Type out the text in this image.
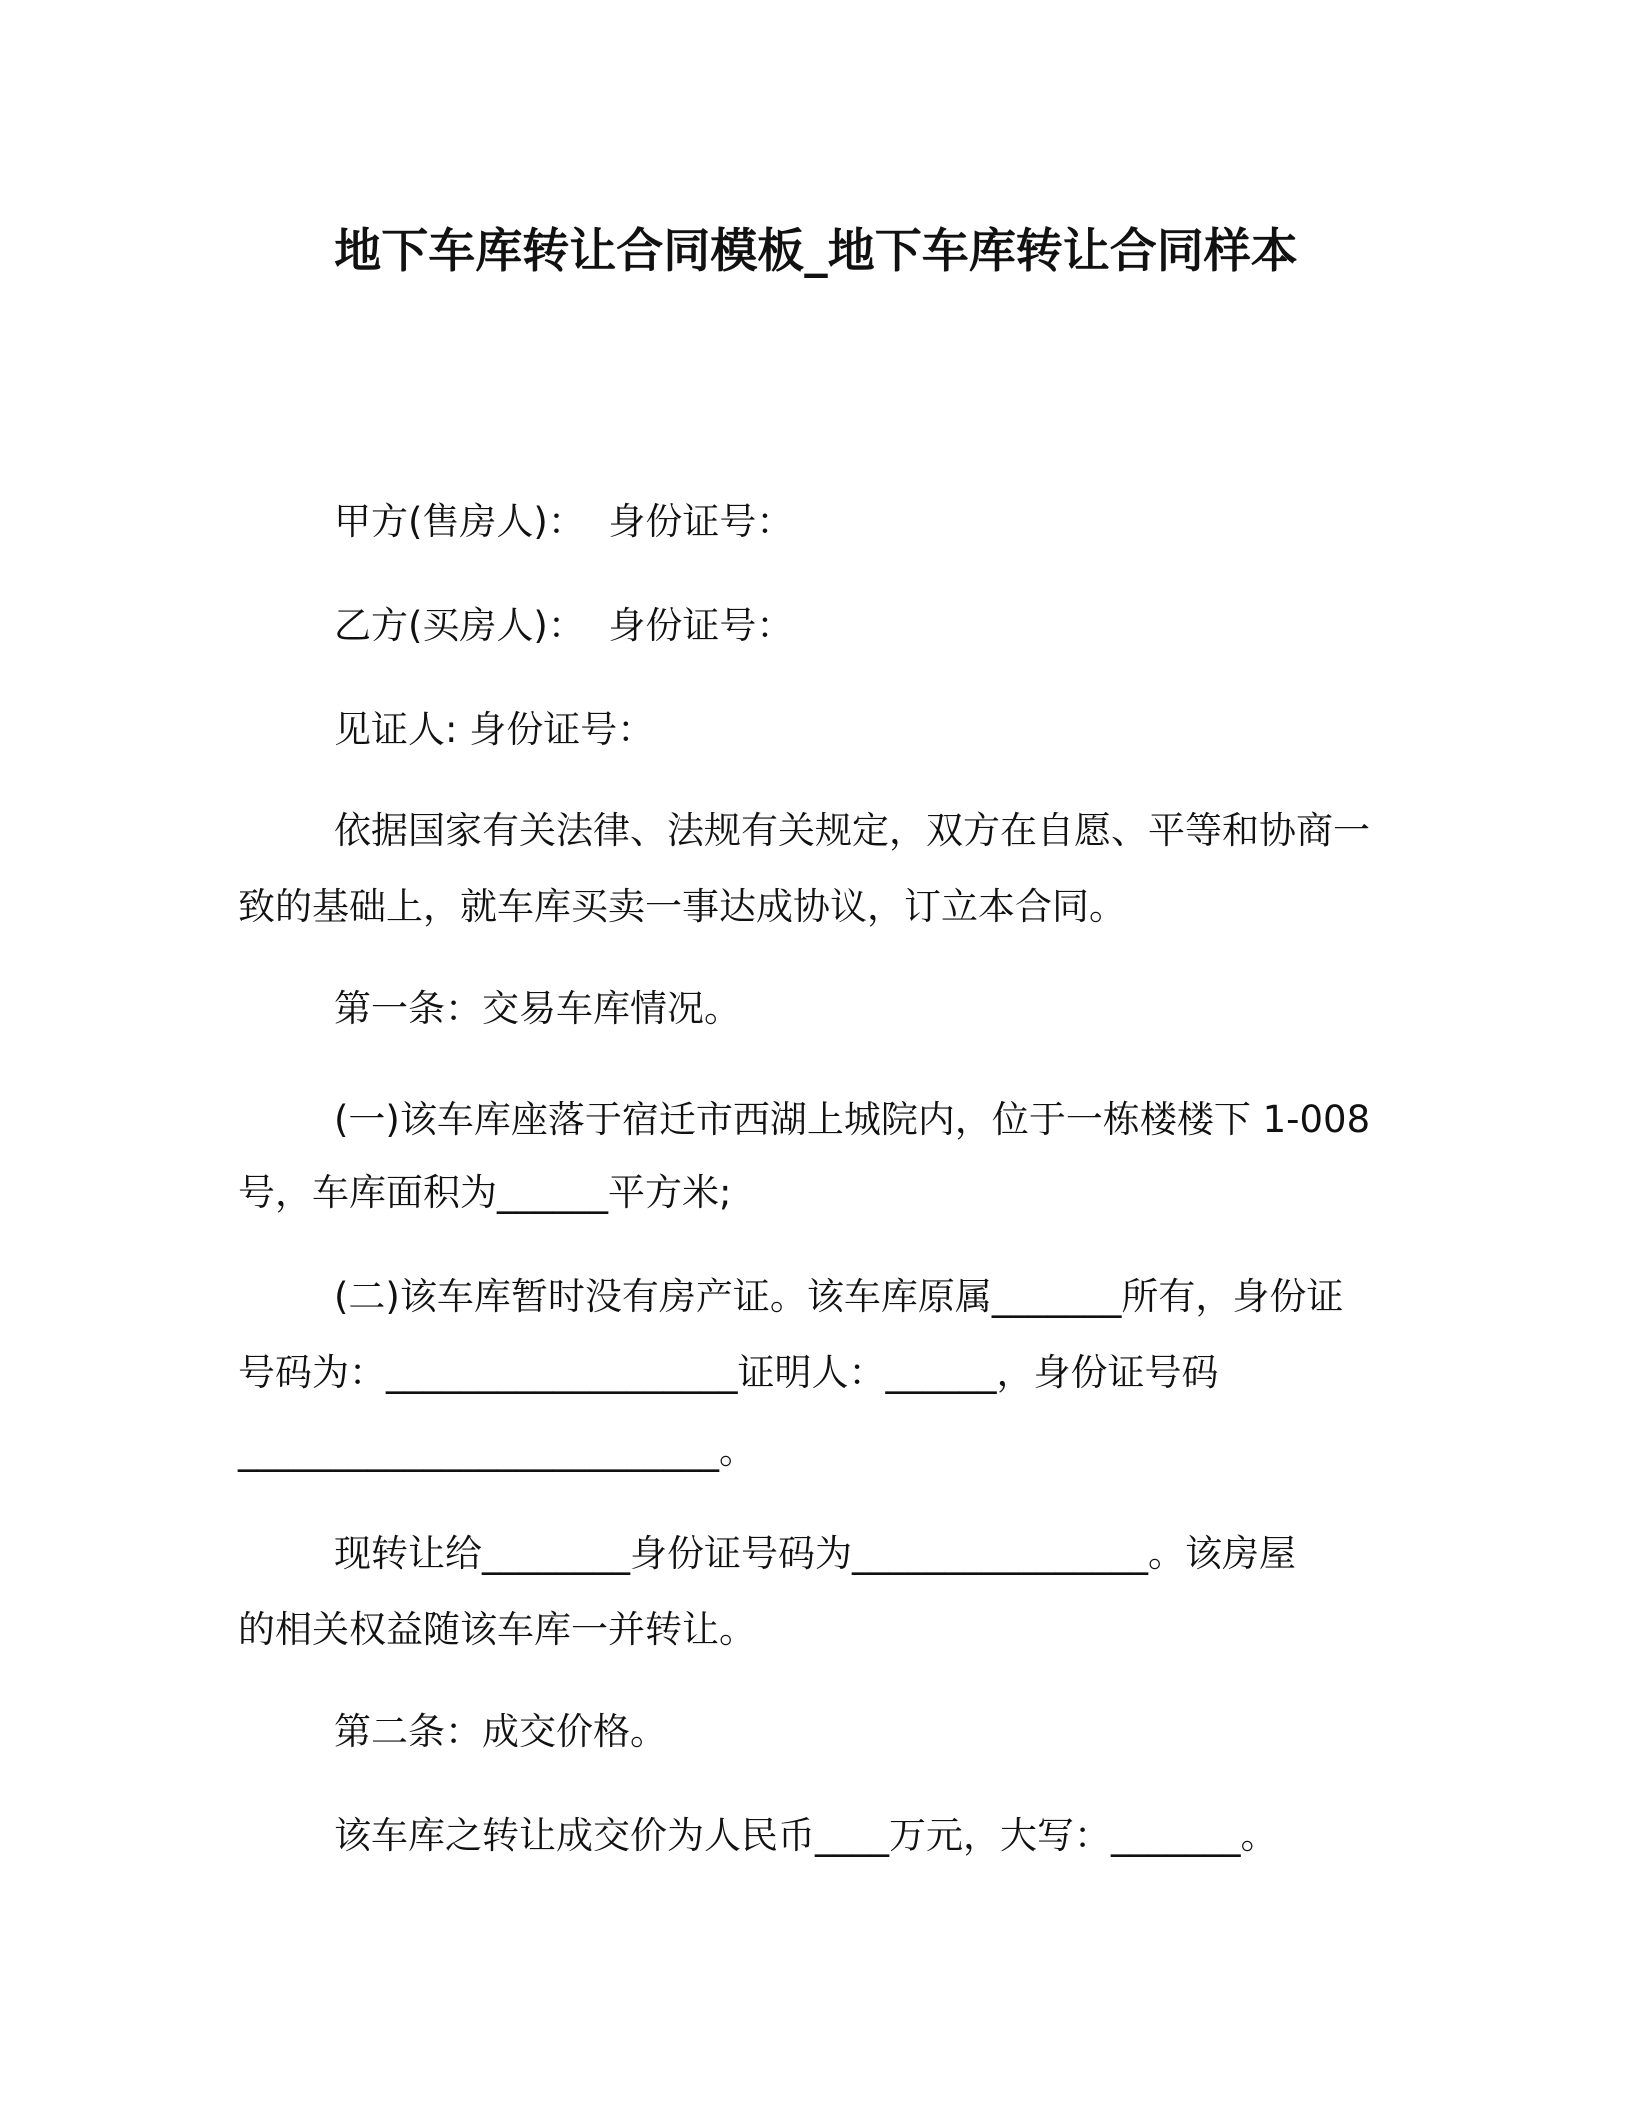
地下车库转让合同模板_地下车库转让合同样本
甲方(售房人)：  身份证号：
乙方(买房人)：  身份证号：
见证人: 身份证号：
依据国家有关法律、法规有关规定，双方在自愿、平等和协商一
致的基础上，就车库买卖一事达成协议，订立本合同。
第一条：交易车库情况。
(一)该车库座落于宿迁市西湖上城院内，位于一栋楼楼下 1-008
号，车库面积为______平方米;
(二)该车库暂时没有房产证。该车库原属_______所有，身份证
号码为：___________________证明人：______，身份证号码
__________________________。
现转让给________身份证号码为________________。该房屋
的相关权益随该车库一并转让。
第二条：成交价格。
该车库之转让成交价为人民币____万元，大写：_______。
